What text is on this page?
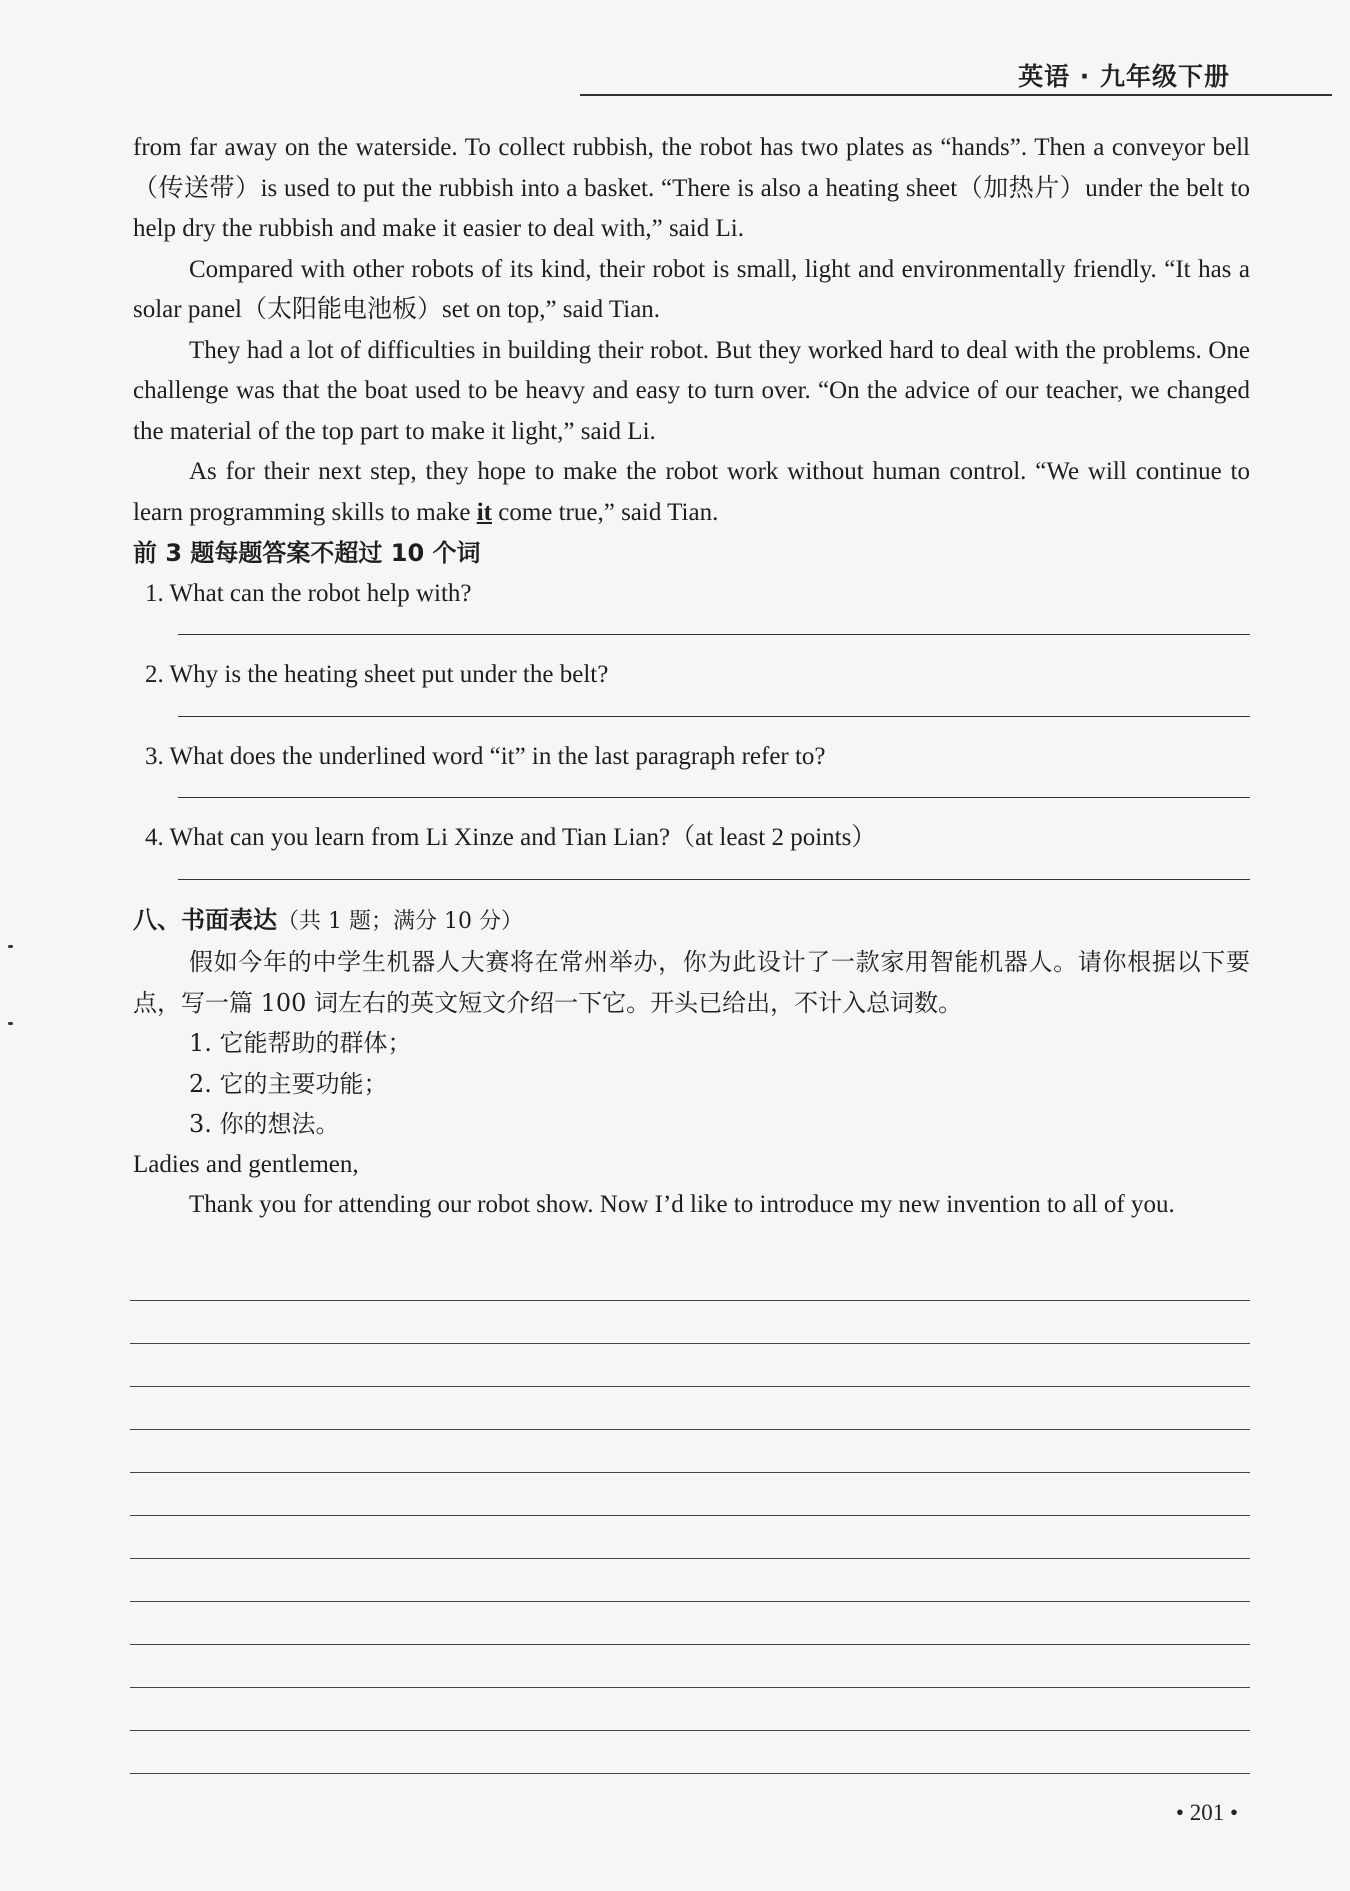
英语 · 九年级下册

from far away on the waterside. To collect rubbish, the robot has two plates as “hands”. Then a conveyor bell（传送带）is used to put the rubbish into a basket. “There is also a heating sheet（加热片）under the belt to help dry the rubbish and make it easier to deal with,” said Li.

Compared with other robots of its kind, their robot is small, light and environmentally friendly. “It has a solar panel（太阳能电池板）set on top,” said Tian.

They had a lot of difficulties in building their robot. But they worked hard to deal with the problems. One challenge was that the boat used to be heavy and easy to turn over. “On the advice of our teacher, we changed the material of the top part to make it light,” said Li.

As for their next step, they hope to make the robot work without human control. “We will continue to learn programming skills to make it come true,” said Tian.

前 3 题每题答案不超过 10 个词

1. What can the robot help with?

2. Why is the heating sheet put under the belt?

3. What does the underlined word “it” in the last paragraph refer to?

4. What can you learn from Li Xinze and Tian Lian?（at least 2 points）

八、书面表达（共 1 题；满分 10 分）

假如今年的中学生机器人大赛将在常州举办，你为此设计了一款家用智能机器人。请你根据以下要点，写一篇 100 词左右的英文短文介绍一下它。开头已给出，不计入总词数。

1. 它能帮助的群体；

2. 它的主要功能；

3. 你的想法。

Ladies and gentlemen,

Thank you for attending our robot show. Now I’d like to introduce my new invention to all of you.

• 201 •
